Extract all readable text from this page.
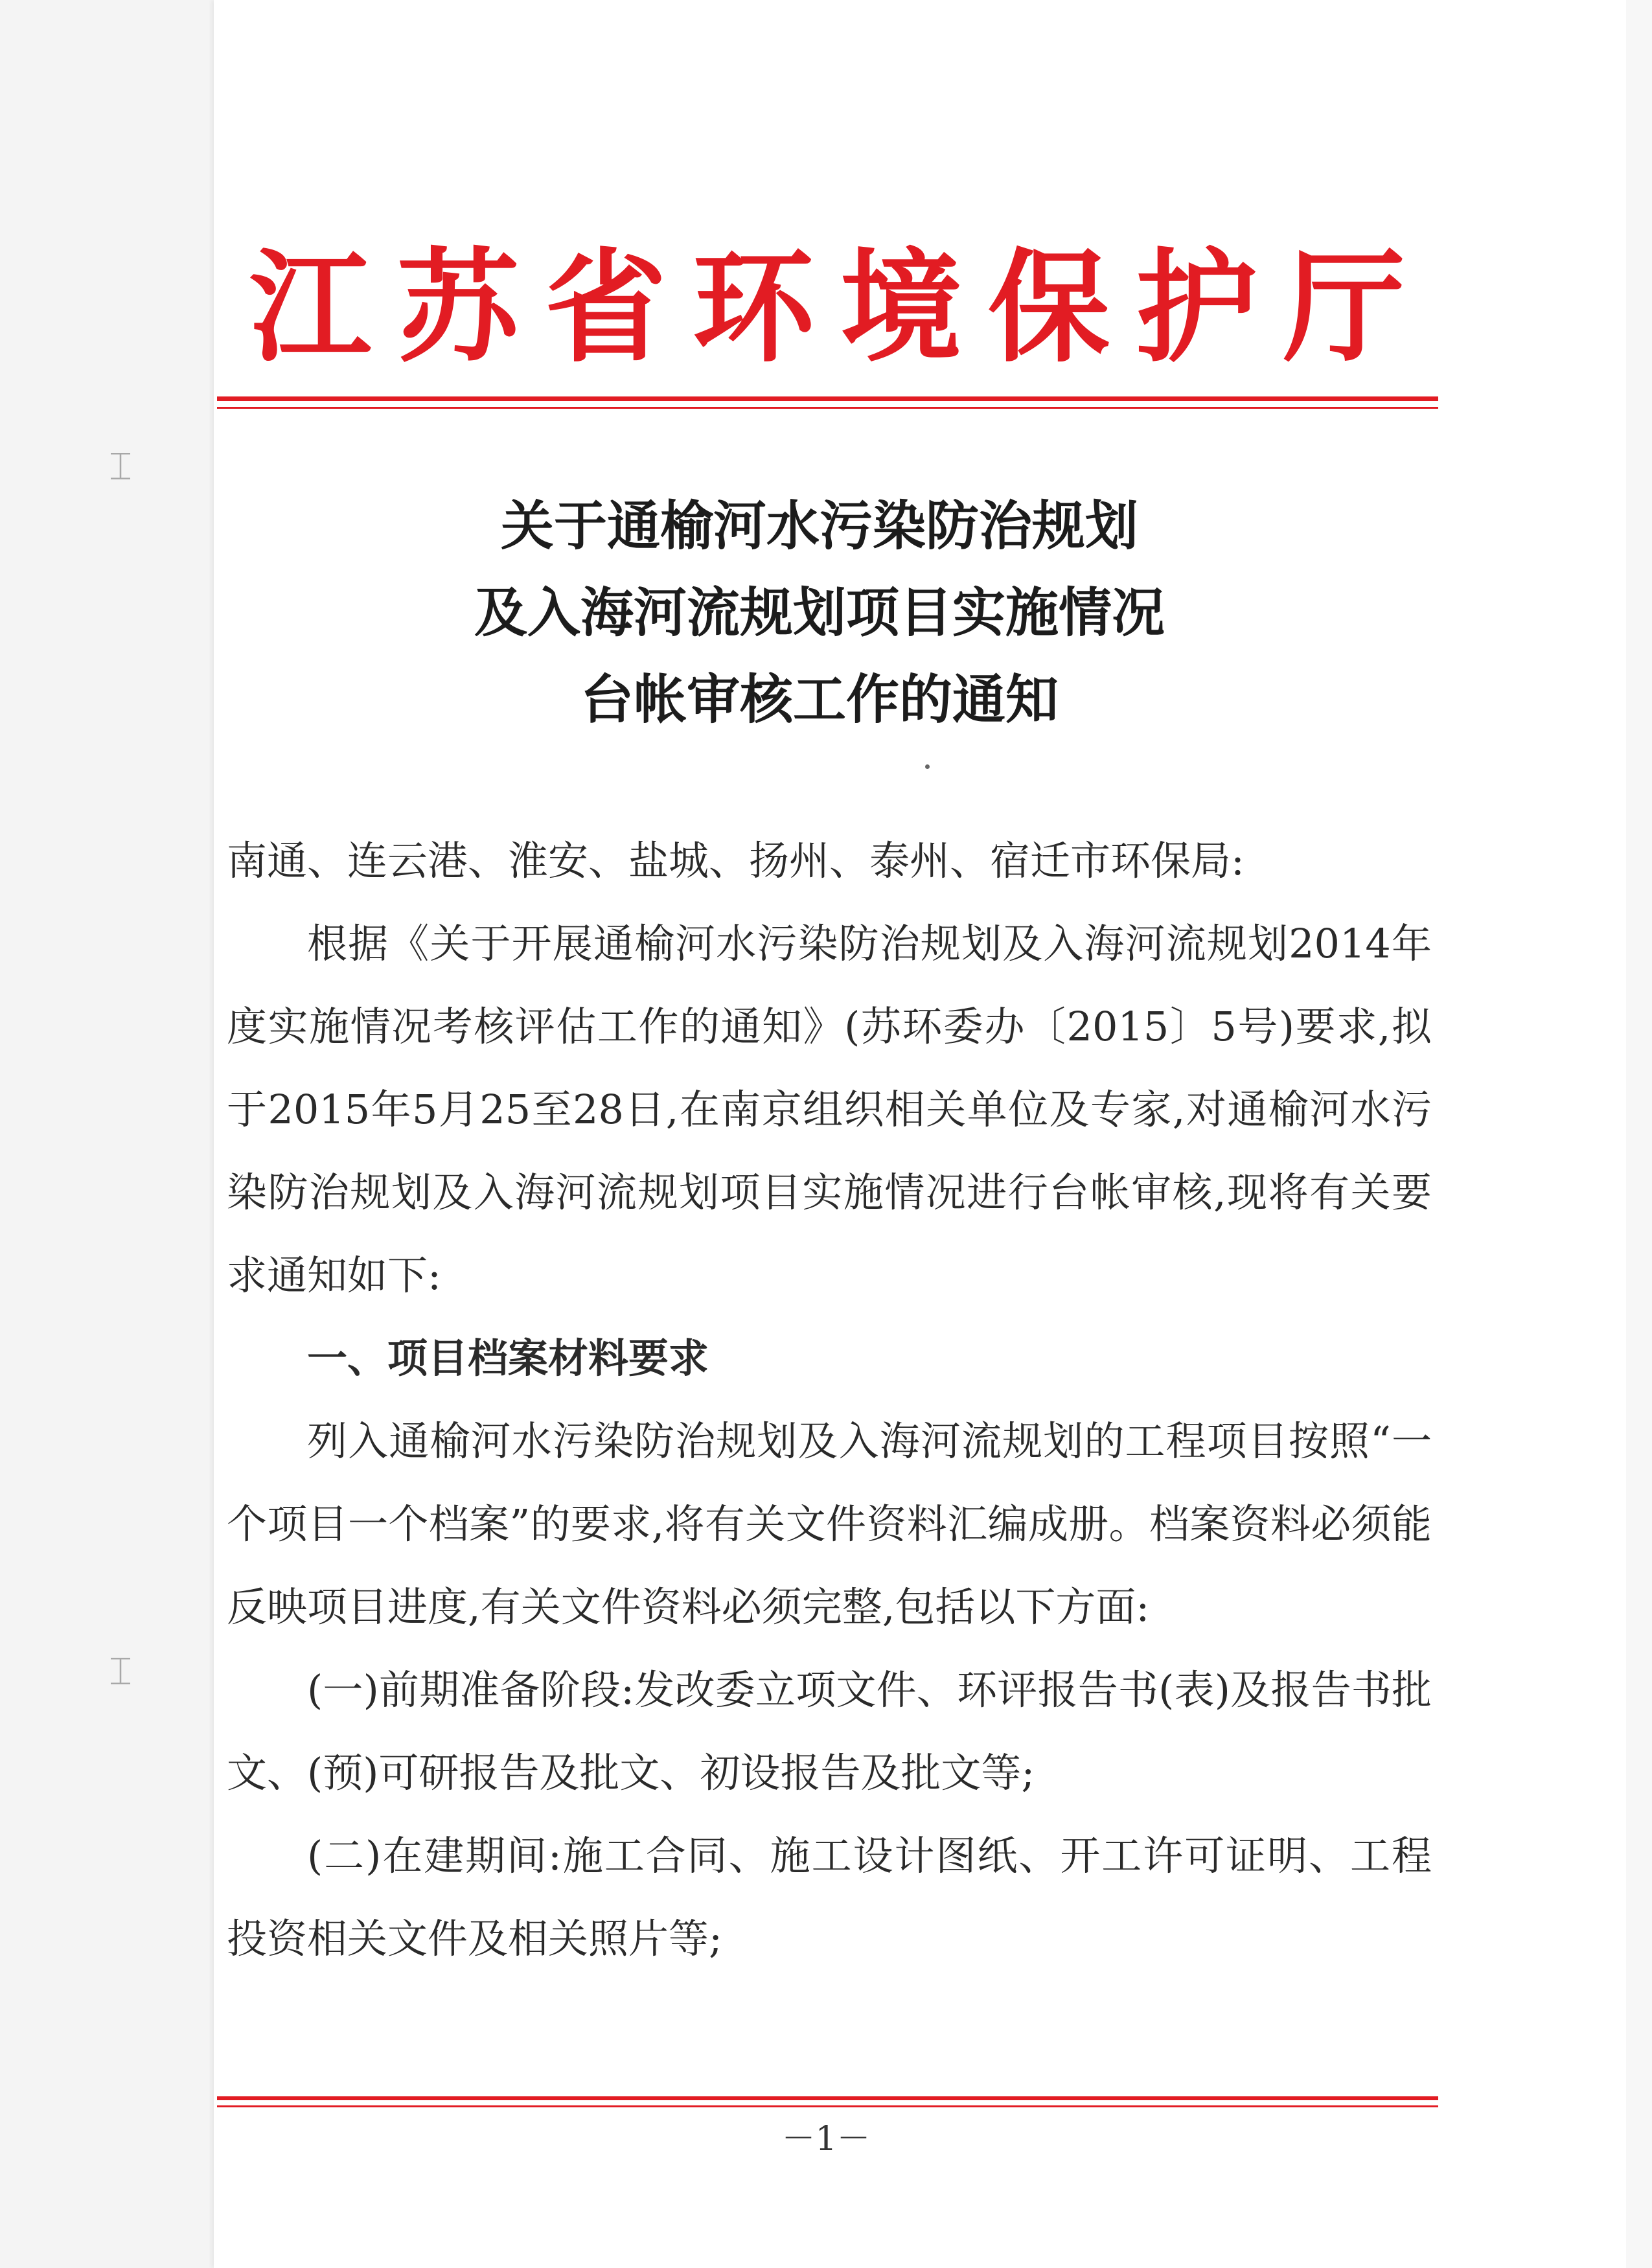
⌶
⌶
江苏省环境保护厅
关于通榆河水污染防治规划
及入海河流规划项目实施情况
台帐审核工作的通知

南通、连云港、淮安、盐城、扬州、泰州、宿迁市环保局:

根据《关于开展通榆河水污染防治规划及入海河流规划2014年度实施情况考核评估工作的通知》(苏环委办〔2015〕5号)要求,拟于2015年5月25至28日,在南京组织相关单位及专家,对通榆河水污染防治规划及入海河流规划项目实施情况进行台帐审核,现将有关要求通知如下:

一、项目档案材料要求

列入通榆河水污染防治规划及入海河流规划的工程项目按照“一个项目一个档案”的要求,将有关文件资料汇编成册。档案资料必须能反映项目进度,有关文件资料必须完整,包括以下方面:

(一)前期准备阶段:发改委立项文件、环评报告书(表)及报告书批文、(预)可研报告及批文、初设报告及批文等;

(二)在建期间:施工合同、施工设计图纸、开工许可证明、工程投资相关文件及相关照片等;

－1－
